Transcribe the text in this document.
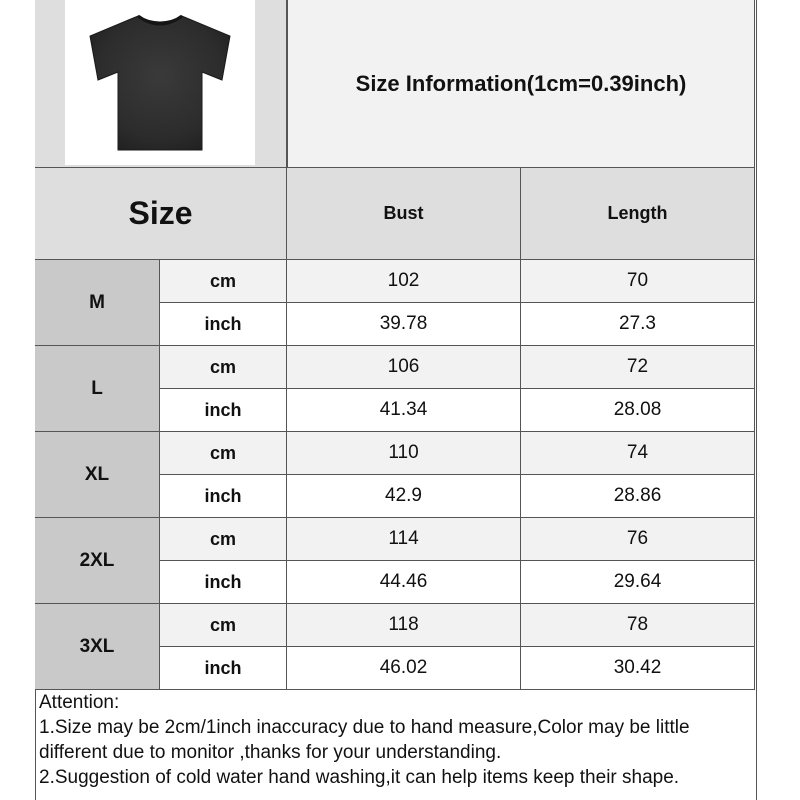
Size Information(1cm=0.39inch)
Size	Bust	Length
M
cm	102	70
inch	39.78	27.3
L
cm	106	72
inch	41.34	28.08
XL
cm	110	74
inch	42.9	28.86
2XL
cm	114	76
inch	44.46	29.64
3XL
cm	118	78
inch	46.02	30.42
Attention:
1.Size may be 2cm/1inch inaccuracy due to hand measure,Color may be little
different due to monitor ,thanks for your understanding.
2.Suggestion of cold water hand washing,it can help items keep their shape.
